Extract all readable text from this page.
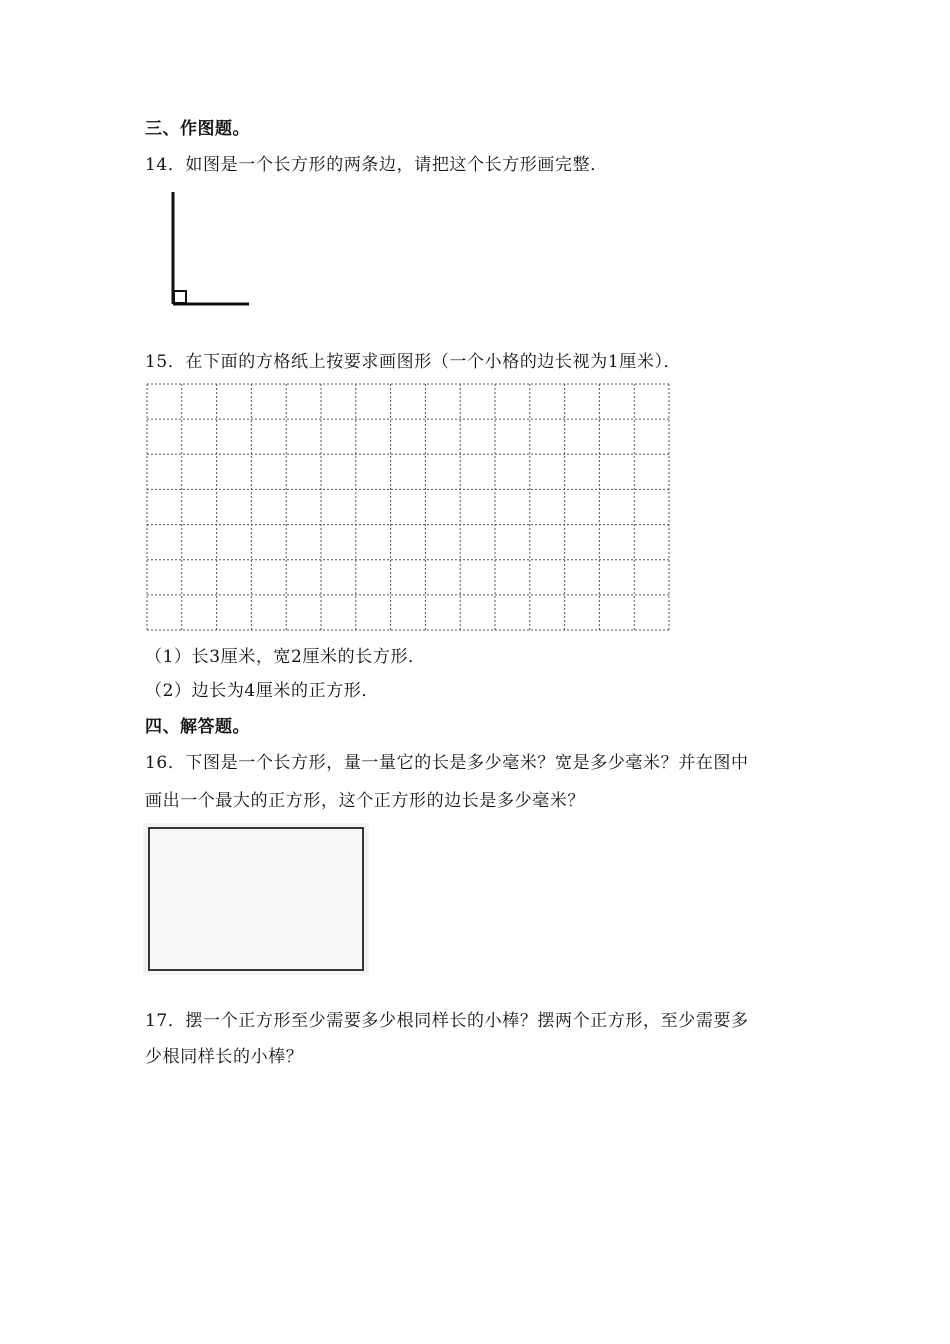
三、作图题。
14．如图是一个长方形的两条边，请把这个长方形画完整．
15．在下面的方格纸上按要求画图形（一个小格的边长视为1厘米）．
（1）长3厘米，宽2厘米的长方形．
（2）边长为4厘米的正方形．
四、解答题。
16．下图是一个长方形，量一量它的长是多少毫米？宽是多少毫米？并在图中
画出一个最大的正方形，这个正方形的边长是多少毫米？
17．摆一个正方形至少需要多少根同样长的小棒？摆两个正方形，至少需要多
少根同样长的小棒？
